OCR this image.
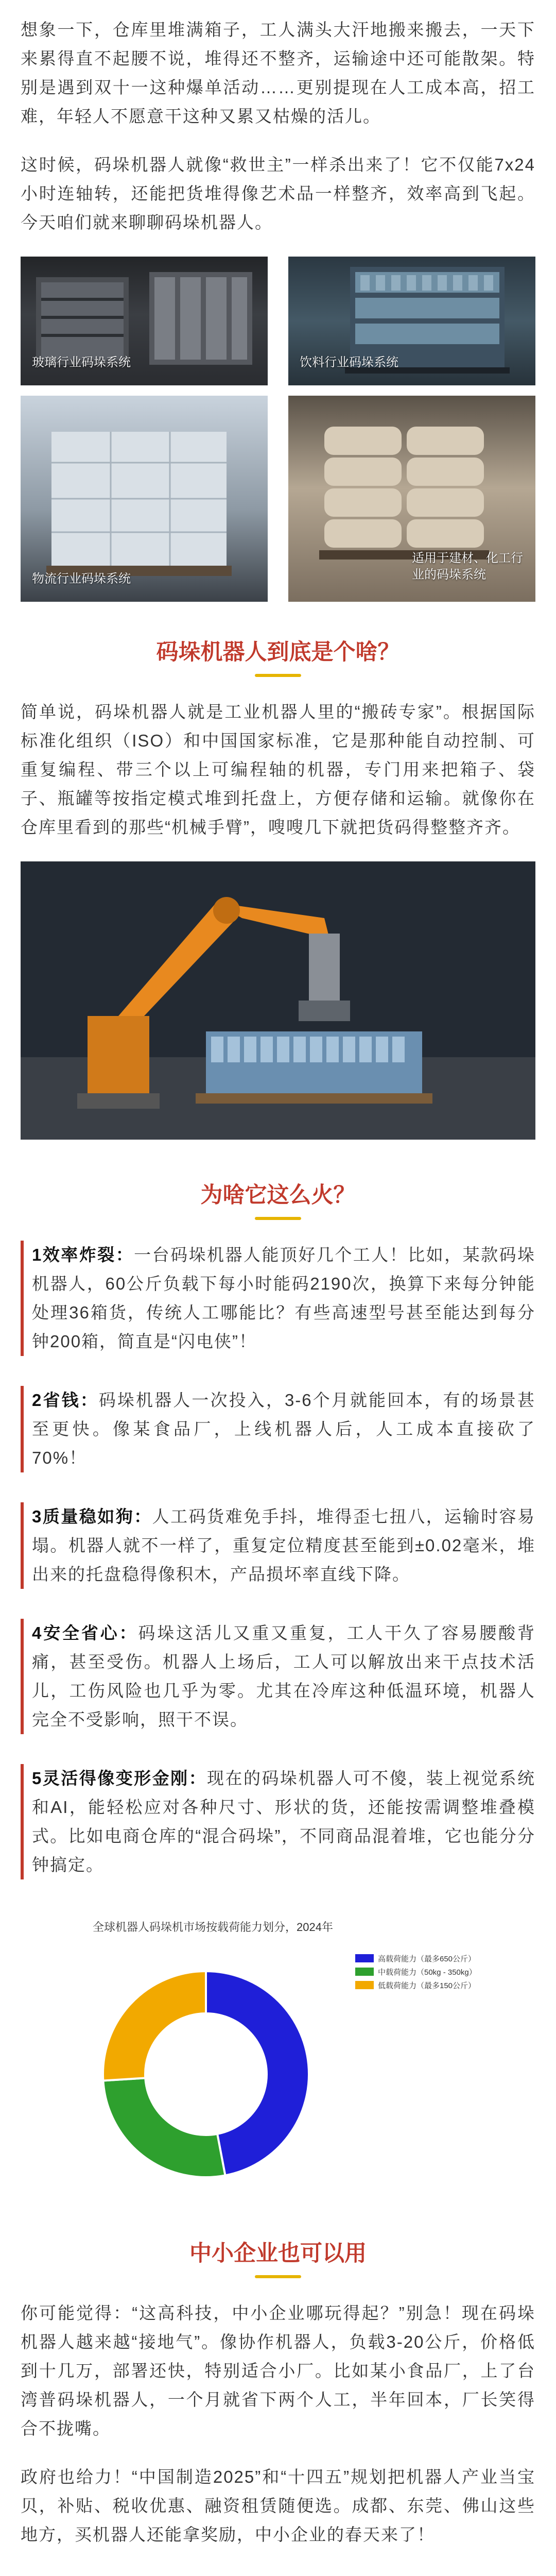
想象一下，仓库里堆满箱子，工人满头大汗地搬来搬去，一天下来累得直不起腰不说，堆得还不整齐，运输途中还可能散架。特别是遇到双十一这种爆单活动……更别提现在人工成本高，招工难，年轻人不愿意干这种又累又枯燥的活儿。

这时候，码垛机器人就像“救世主”一样杀出来了！它不仅能7x24小时连轴转，还能把货堆得像艺术品一样整齐，效率高到飞起。今天咱们就来聊聊码垛机器人。

玻璃行业码垛系统	饮料行业码垛系统
物流行业码垛系统
适用于建材、化工行业的码垛系统
码垛机器人到底是个啥？

简单说，码垛机器人就是工业机器人里的“搬砖专家”。根据国际标准化组织（ISO）和中国国家标准，它是那种能自动控制、可重复编程、带三个以上可编程轴的机器，专门用来把箱子、袋子、瓶罐等按指定模式堆到托盘上，方便存储和运输。就像你在仓库里看到的那些“机械手臂”，嗖嗖几下就把货码得整整齐齐。

为啥它这么火？
1效率炸裂：一台码垛机器人能顶好几个工人！比如，某款码垛机器人，60公斤负载下每小时能码2190次，换算下来每分钟能处理36箱货，传统人工哪能比？有些高速型号甚至能达到每分钟200箱，简直是“闪电侠”！
2省钱：码垛机器人一次投入，3-6个月就能回本，有的场景甚至更快。像某食品厂，上线机器人后，人工成本直接砍了70%！
3质量稳如狗：人工码货难免手抖，堆得歪七扭八，运输时容易塌。机器人就不一样了，重复定位精度甚至能到±0.02毫米，堆出来的托盘稳得像积木，产品损坏率直线下降。
4安全省心：码垛这活儿又重又重复，工人干久了容易腰酸背痛，甚至受伤。机器人上场后，工人可以解放出来干点技术活儿，工伤风险也几乎为零。尤其在冷库这种低温环境，机器人完全不受影响，照干不误。
5灵活得像变形金刚：现在的码垛机器人可不傻，装上视觉系统和AI，能轻松应对各种尺寸、形状的货，还能按需调整堆叠模式。比如电商仓库的“混合码垛”，不同商品混着堆，它也能分分钟搞定。
全球机器人码垛机市场按载荷能力划分，2024年
高载荷能力（最多650公斤）
中载荷能力（50kg - 350kg）
低载荷能力（最多150公斤）
中小企业也可以用

你可能觉得：“这高科技，中小企业哪玩得起？”别急！现在码垛机器人越来越“接地气”。像协作机器人，负载3-20公斤，价格低到十几万，部署还快，特别适合小厂。比如某小食品厂，上了台湾普码垛机器人，一个月就省下两个人工，半年回本，厂长笑得合不拢嘴。

政府也给力！“中国制造2025”和“十四五”规划把机器人产业当宝贝，补贴、税收优惠、融资租赁随便选。成都、东莞、佛山这些地方，买机器人还能拿奖励，中小企业的春天来了！
